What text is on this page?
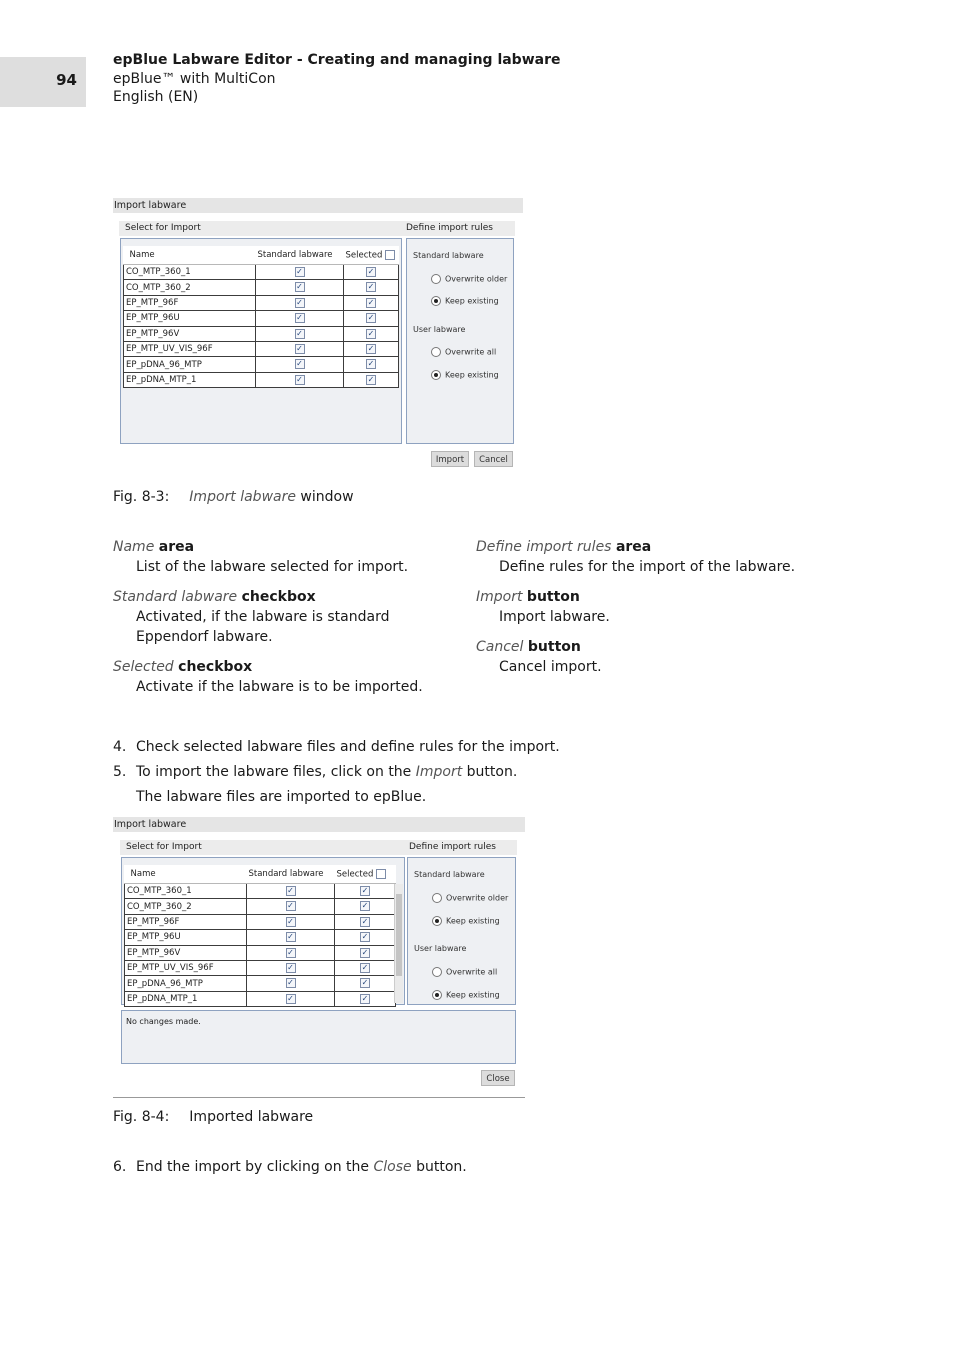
94
epBlue Labware Editor - Creating and managing labware
epBlue™ with MultiCon
English (EN)
Import labware
Select for Import	Define import rules
Name	Standard labware	Selected
CO_MTP_360_1	✓	✓
CO_MTP_360_2	✓	✓
EP_MTP_96F	✓	✓
EP_MTP_96U	✓	✓
EP_MTP_96V	✓	✓
EP_MTP_UV_VIS_96F	✓	✓
EP_pDNA_96_MTP	✓	✓
EP_pDNA_MTP_1	✓	✓
Standard labware
Overwrite older
Keep existing
User labware
Overwrite all
Keep existing
Import	Cancel
Fig. 8-3: Import labware window
Name area
List of the labware selected for import.
Standard labware checkbox
Activated, if the labware is standard Eppendorf labware.
Selected checkbox
Activate if the labware is to be imported.
Define import rules area
Define rules for the import of the labware.
Import button
Import labware.
Cancel button
Cancel import.
4. Check selected labware files and define rules for the import.
5. To import the labware files, click on the Import button.
The labware files are imported to epBlue.
Import labware
Select for Import	Define import rules
Name	Standard labware	Selected
CO_MTP_360_1	✓	✓
CO_MTP_360_2	✓	✓
EP_MTP_96F	✓	✓
EP_MTP_96U	✓	✓
EP_MTP_96V	✓	✓
EP_MTP_UV_VIS_96F	✓	✓
EP_pDNA_96_MTP	✓	✓
EP_pDNA_MTP_1	✓	✓
Standard labware
Overwrite older
Keep existing
User labware
Overwrite all
Keep existing
No changes made.
Close
Fig. 8-4: Imported labware
6. End the import by clicking on the Close button.
